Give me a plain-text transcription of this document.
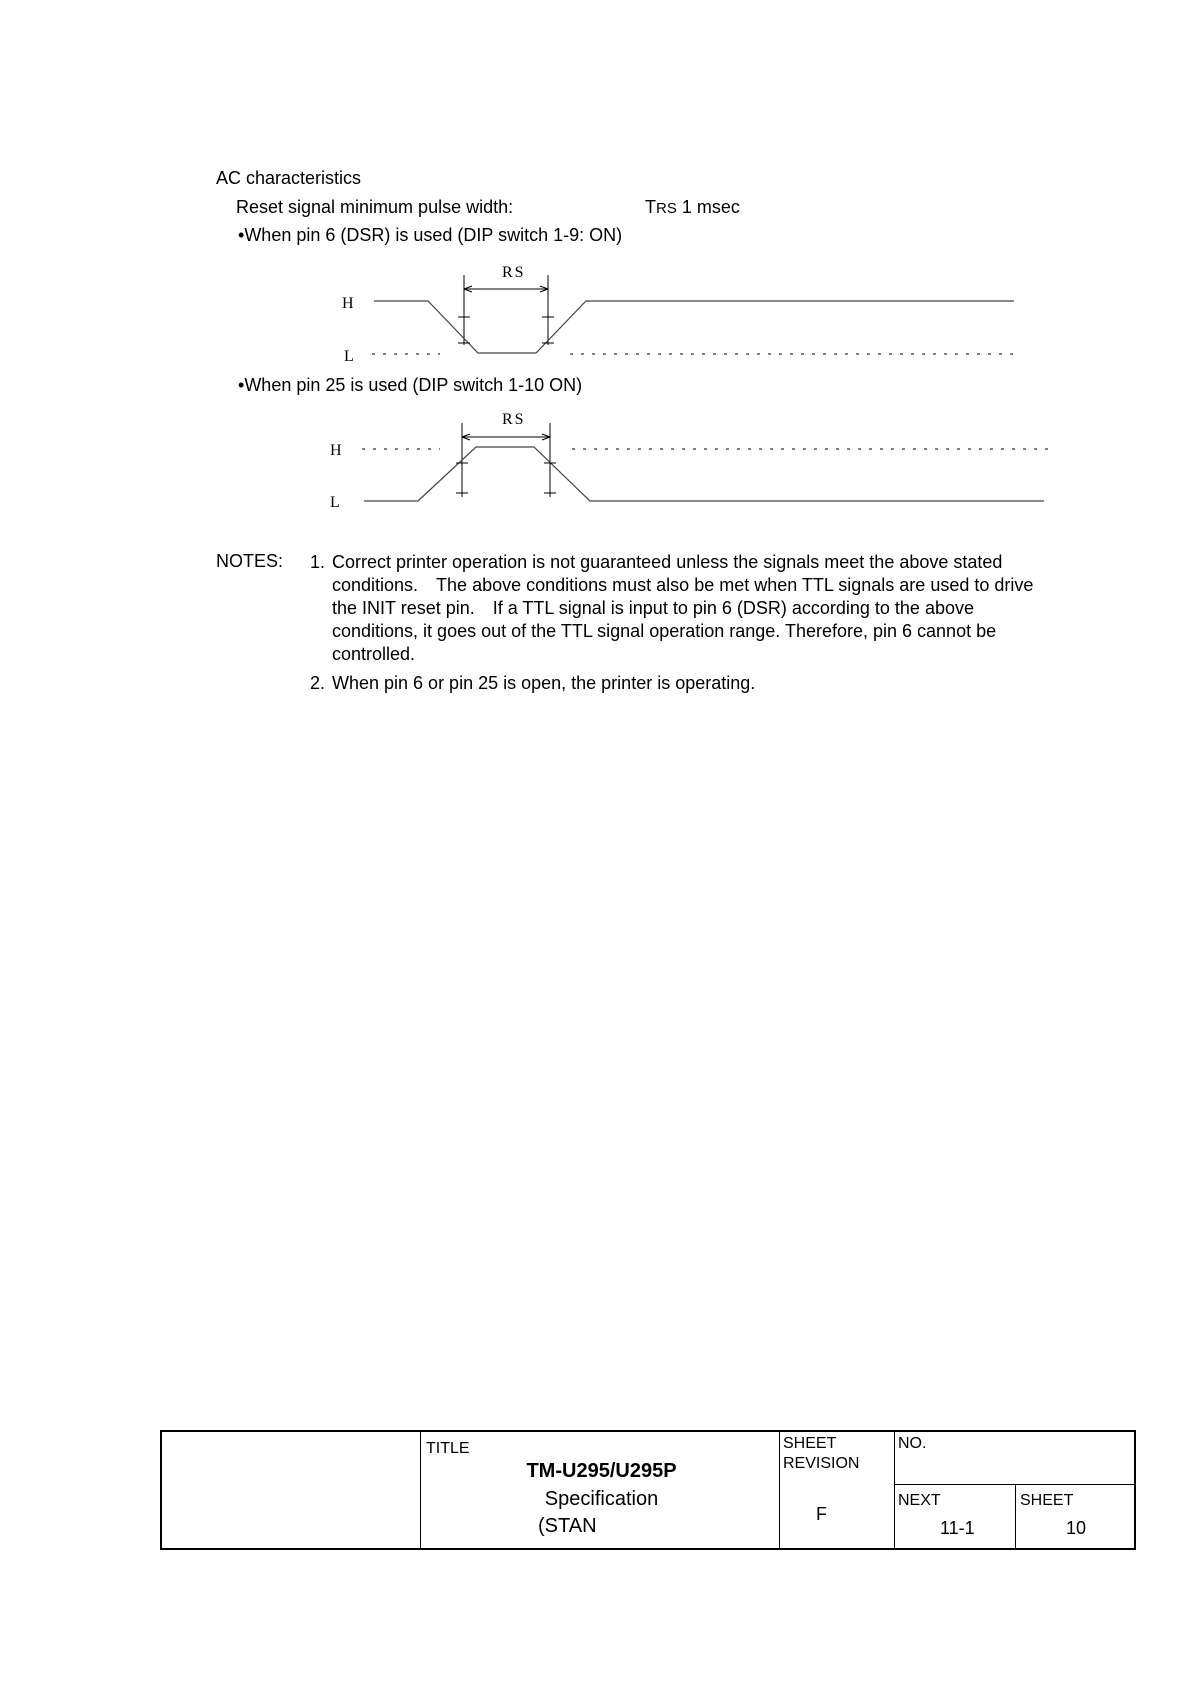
AC characteristics
Reset signal minimum pulse width:	TRS 1 msec
•When pin 6 (DSR) is used (DIP switch 1-9: ON)
RS
H
L
•When pin 25 is used (DIP switch 1-10 ON)
RS
H
L
NOTES: 1. Correct printer operation is not guaranteed unless the signals meet the above stated
conditions. The above conditions must also be met when TTL signals are used to drive
the INIT reset pin. If a TTL signal is input to pin 6 (DSR) according to the above
conditions, it goes out of the TTL signal operation range. Therefore, pin 6 cannot be
controlled.
2. When pin 6 or pin 25 is open, the printer is operating.
TITLE
TM-U295/U295P
Specification
(STAN
SHEET
REVISION
F
NO.
NEXT
11-1
SHEET
10
